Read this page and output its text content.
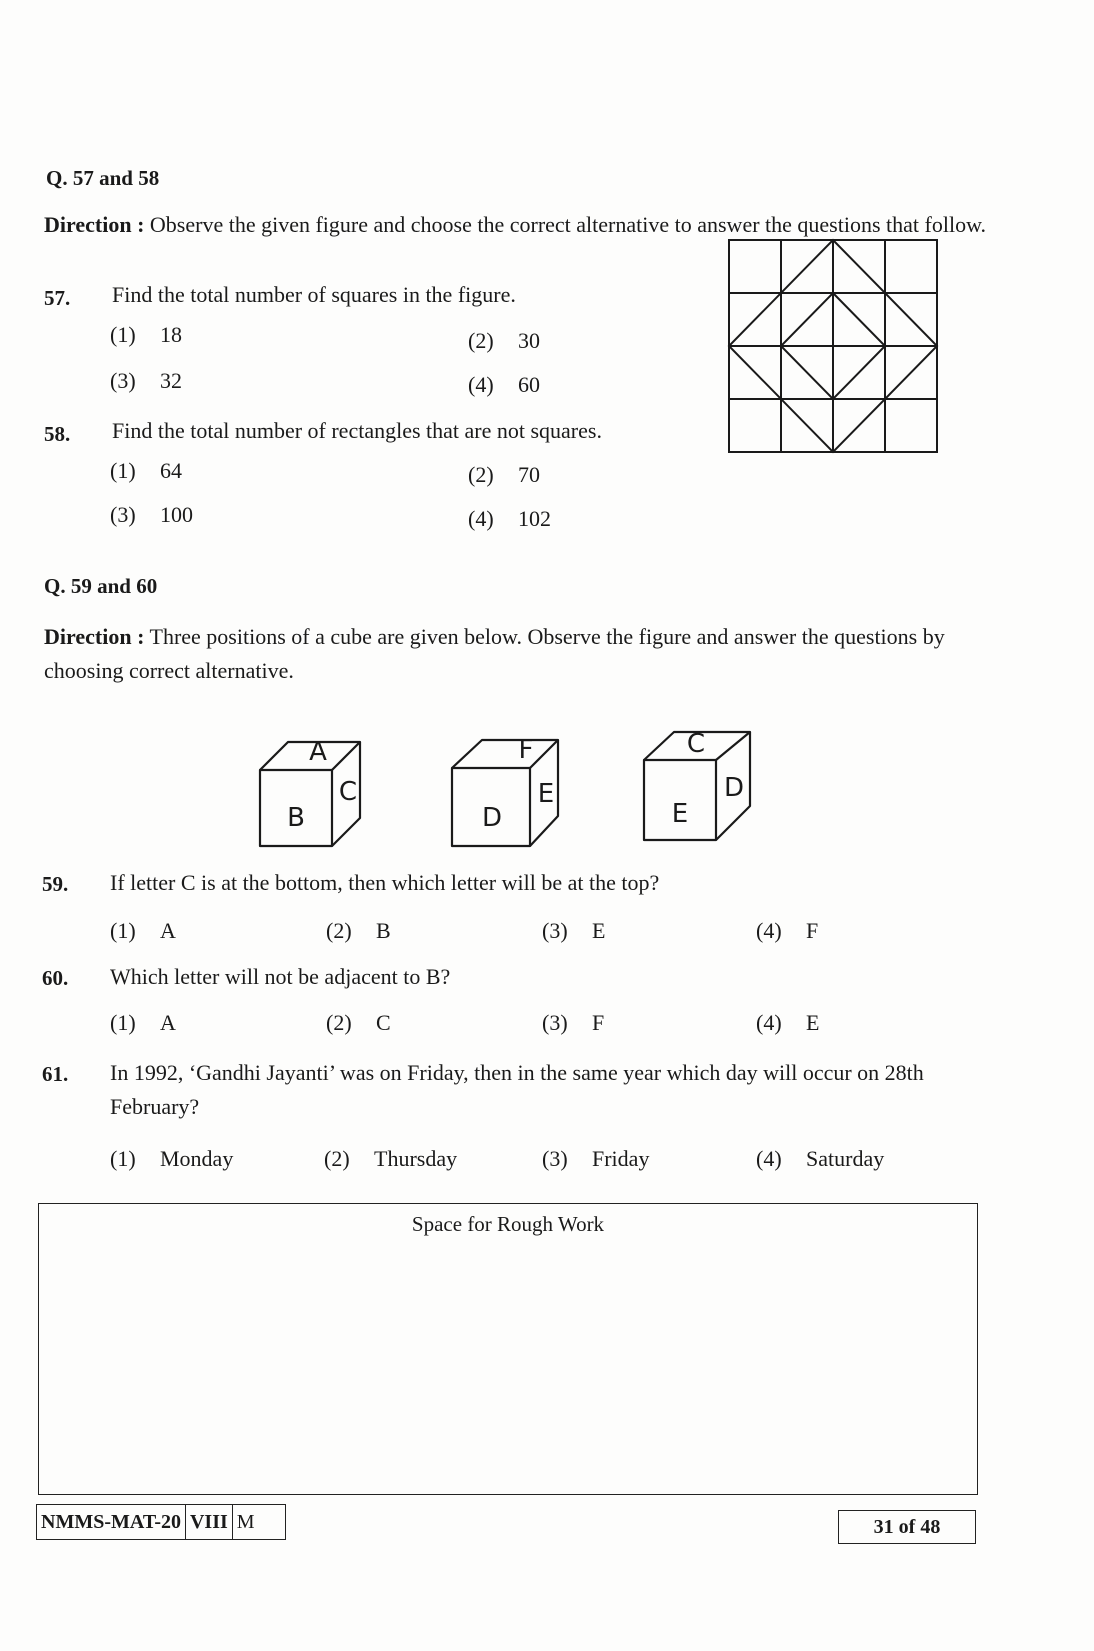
Q. 57 and 58
Direction : Observe the given figure and choose the correct alternative to answer the questions that follow.
57. Find the total number of squares in the figure.
(1) 18	(2) 30
(3) 32	(4) 60
58. Find the total number of rectangles that are not squares.
(1) 64	(2) 70
(3) 100	(4) 102
Q. 59 and 60
Direction : Three positions of a cube are given below. Observe the figure and answer the questions by choosing correct alternative.
A
B
C
F
D
E
C
E
D
59. If letter C is at the bottom, then which letter will be at the top?
(1) A	(2) B	(3) E	(4) F
60. Which letter will not be adjacent to B?
(1) A	(2) C	(3) F	(4) E
61. In 1992, ‘Gandhi Jayanti’ was on Friday, then in the same year which day will occur on 28th
February?
(1) Monday	(2) Thursday	(3) Friday	(4) Saturday
Space for Rough Work
NMMS-MAT-20 VIII M	31 of 48
